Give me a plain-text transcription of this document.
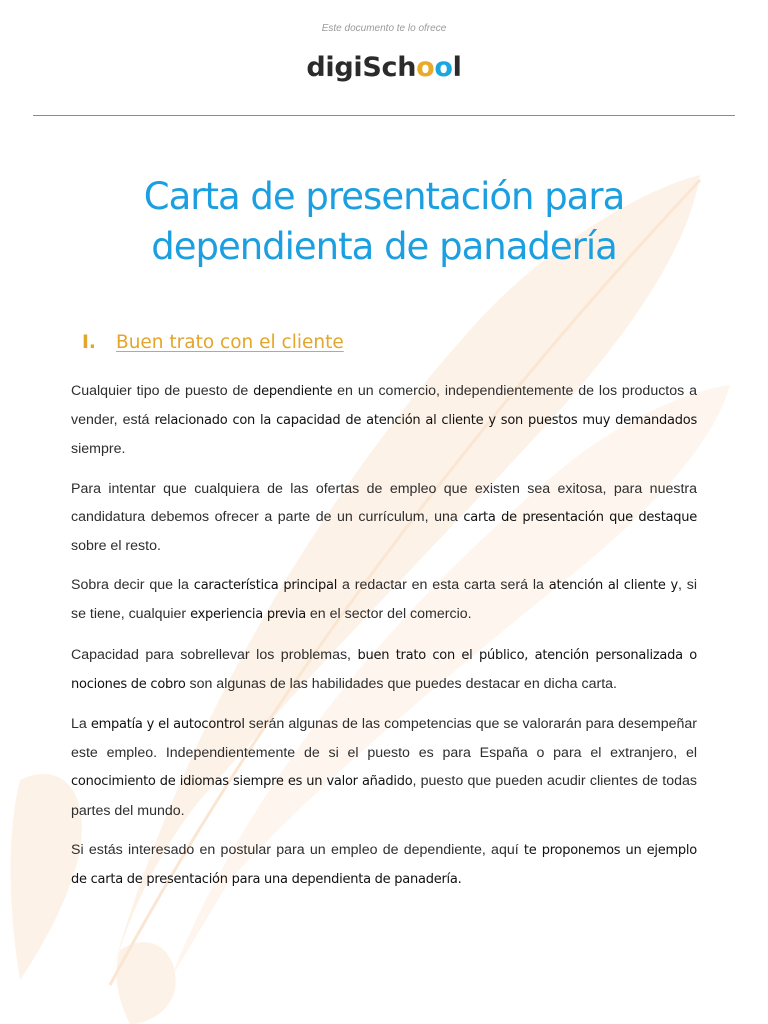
Este documento te lo ofrece
digiSchool
Carta de presentación para
dependienta de panadería
I. Buen trato con el cliente

Cualquier tipo de puesto de dependiente en un comercio, independientemente de los productos a vender, está relacionado con la capacidad de atención al cliente y son puestos muy demandados siempre.

Para intentar que cualquiera de las ofertas de empleo que existen sea exitosa, para nuestra candidatura debemos ofrecer a parte de un currículum, una carta de presentación que destaque sobre el resto.

Sobra decir que la característica principal a redactar en esta carta será la atención al cliente y, si se tiene, cualquier experiencia previa en el sector del comercio.

Capacidad para sobrellevar los problemas, buen trato con el público, atención personalizada o nociones de cobro son algunas de las habilidades que puedes destacar en dicha carta.

La empatía y el autocontrol serán algunas de las competencias que se valorarán para desempeñar este empleo. Independientemente de si el puesto es para España o para el extranjero, el conocimiento de idiomas siempre es un valor añadido, puesto que pueden acudir clientes de todas partes del mundo.

Si estás interesado en postular para un empleo de dependiente, aquí te proponemos un ejemplo de carta de presentación para una dependienta de panadería.
